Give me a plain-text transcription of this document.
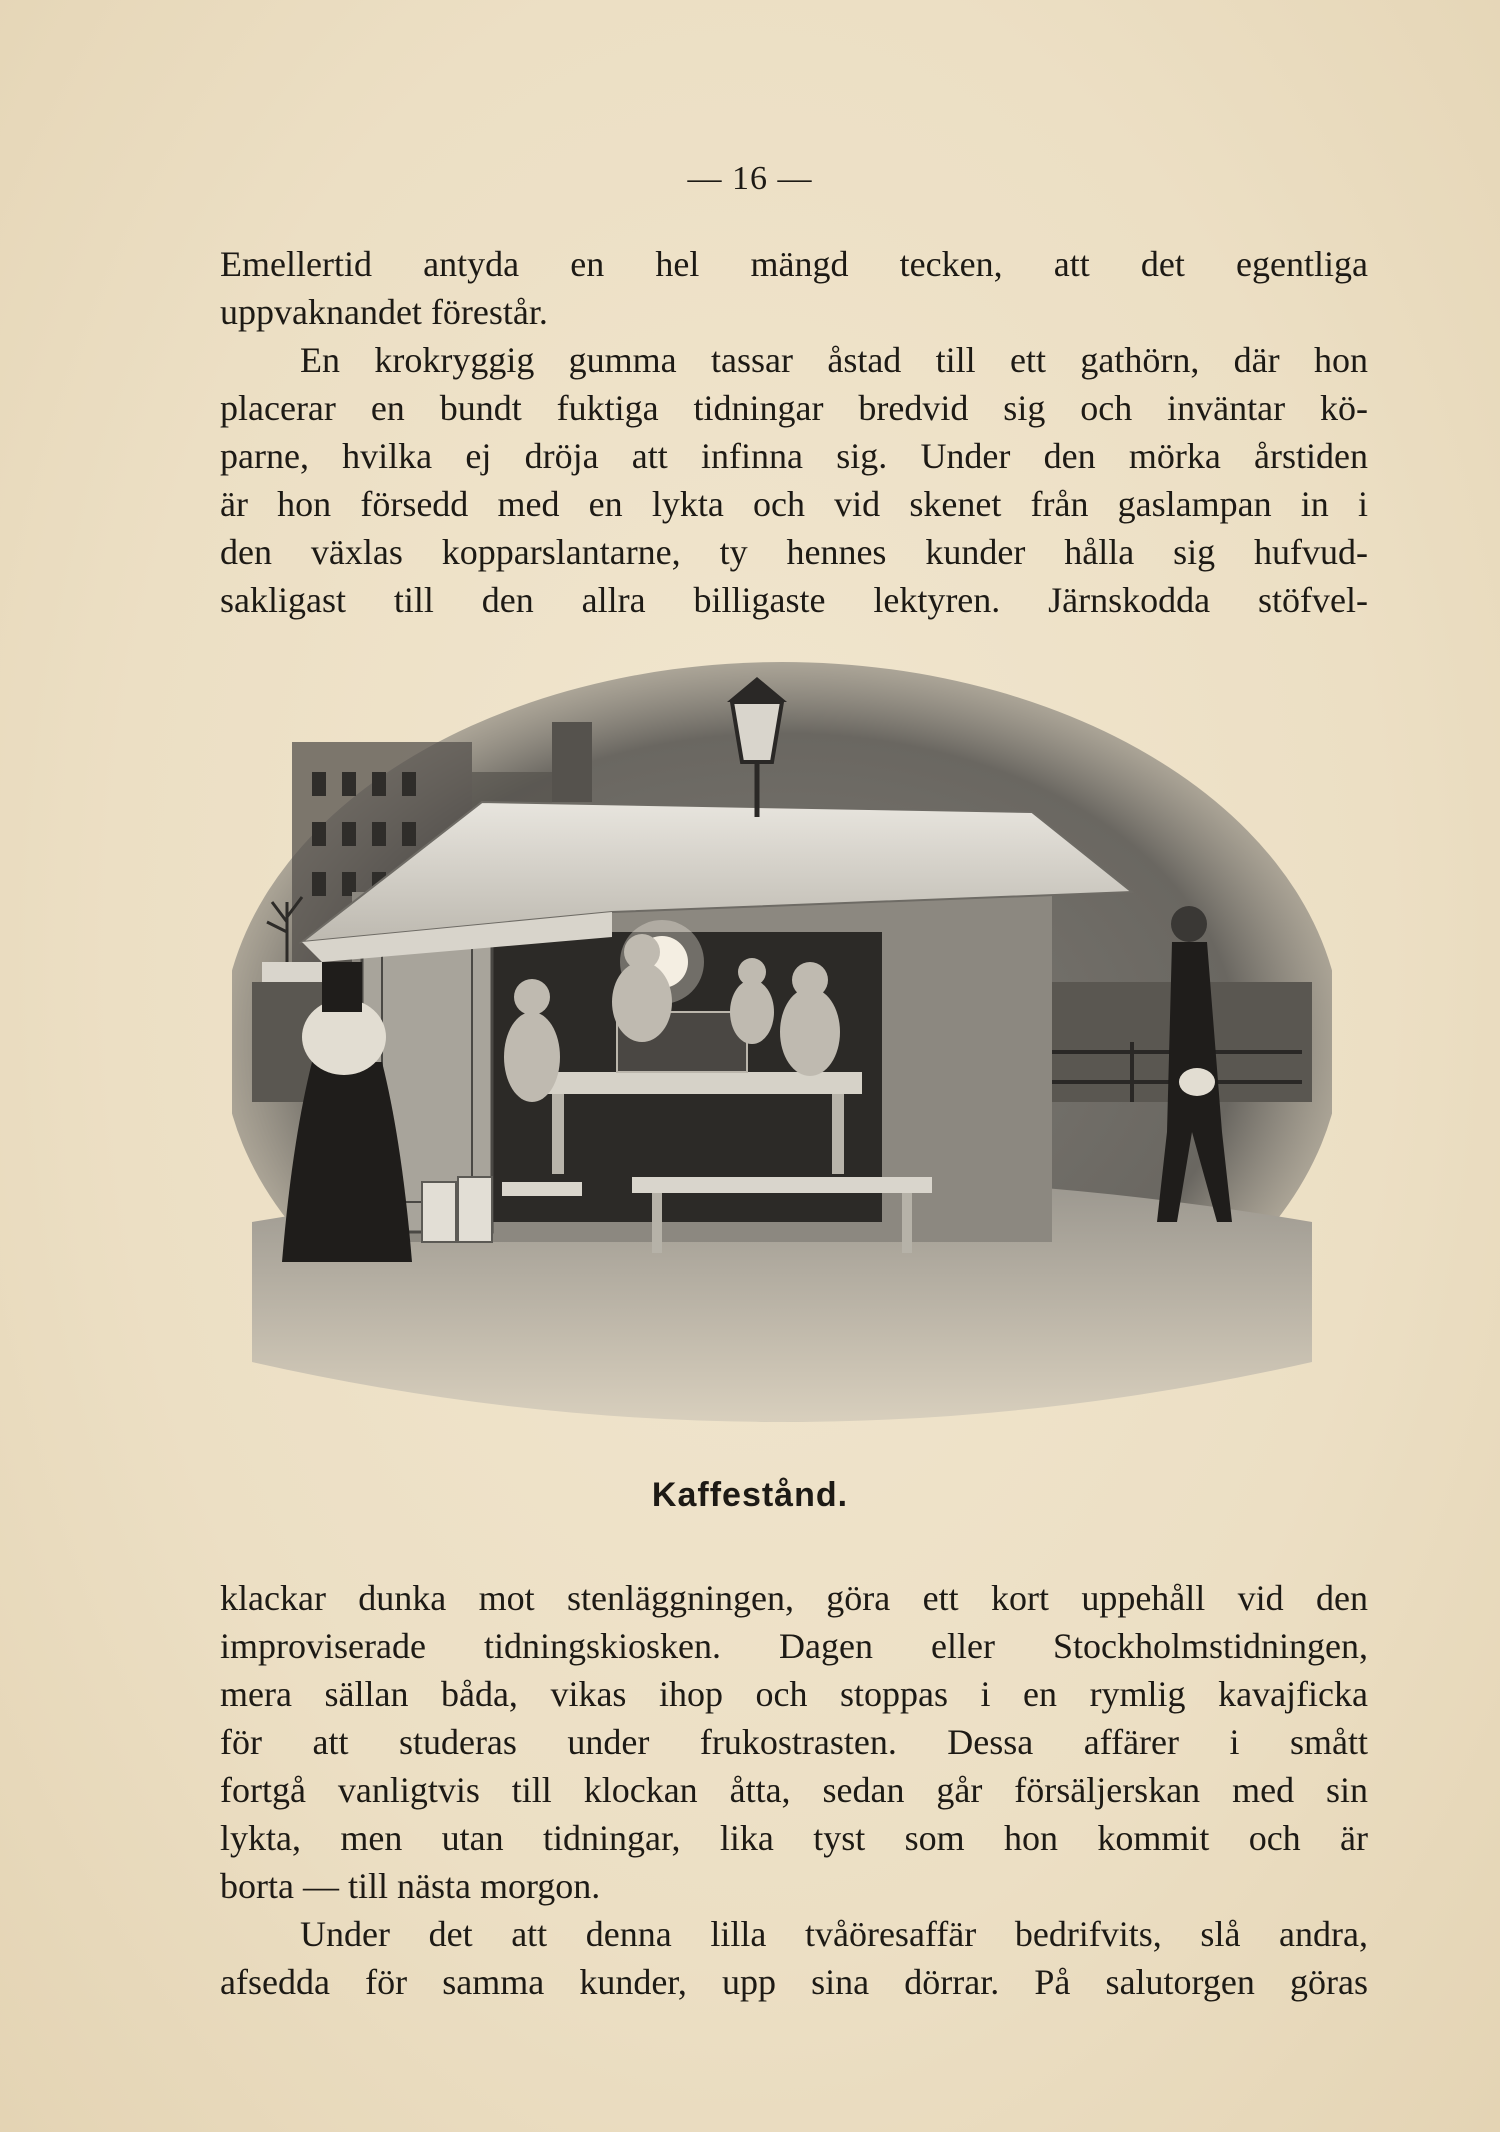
— 16 —
Emellertid antyda en hel mängd tecken, att det egentliga
uppvaknandet förestår.
En krokryggig gumma tassar åstad till ett gathörn, där hon
placerar en bundt fuktiga tidningar bredvid sig och inväntar kö-
parne, hvilka ej dröja att infinna sig. Under den mörka årstiden
är hon försedd med en lykta och vid skenet från gaslampan in i
den växlas kopparslantarne, ty hennes kunder hålla sig hufvud-
sakligast till den allra billigaste lektyren. Järnskodda stöfvel-
Kaffestånd.
klackar dunka mot stenläggningen, göra ett kort uppehåll vid den
improviserade tidningskiosken. Dagen eller Stockholmstidningen,
mera sällan båda, vikas ihop och stoppas i en rymlig kavajficka
för att studeras under frukostrasten. Dessa affärer i smått
fortgå vanligtvis till klockan åtta, sedan går försäljerskan med sin
lykta, men utan tidningar, lika tyst som hon kommit och är
borta — till nästa morgon.
Under det att denna lilla tvåöresaffär bedrifvits, slå andra,
afsedda för samma kunder, upp sina dörrar. På salutorgen göras
